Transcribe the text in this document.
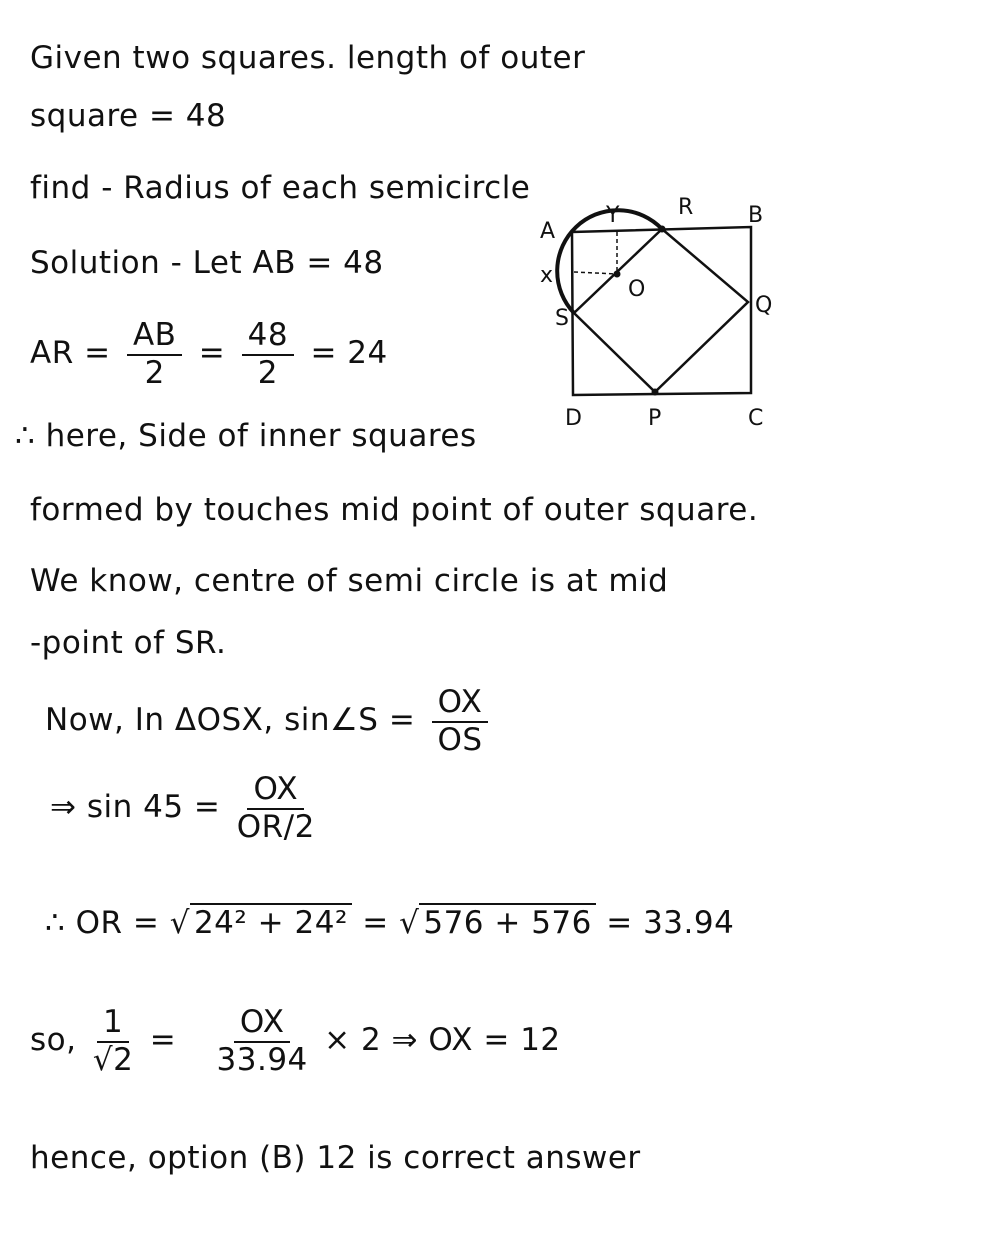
Given two squares. length of outer
square = 48
find - Radius of each semicircle
Solution - Let AB = 48
AR = $\frac{AB}{2} = \frac{48}{2} = 24$
∴ here, Side of inner squares
formed by touches mid point of outer square.
We know, centre of semi circle is at mid
-point of SR.
Now, In ΔOSX, sin∠S = $\frac{OX}{OS}$
⇒ $\sin 45 = \frac{OX}{OR/2}$
∴ OR = √ 24² + 24² = √ 576 + 576 = 33.94
so, $\frac{1}{√2} = \frac{OX}{33.94} \times 2$ ⇒ OX = 12
hence, option (B) 12 is correct answer
A
Y	R B
x
O
Q
S
D	P	C
